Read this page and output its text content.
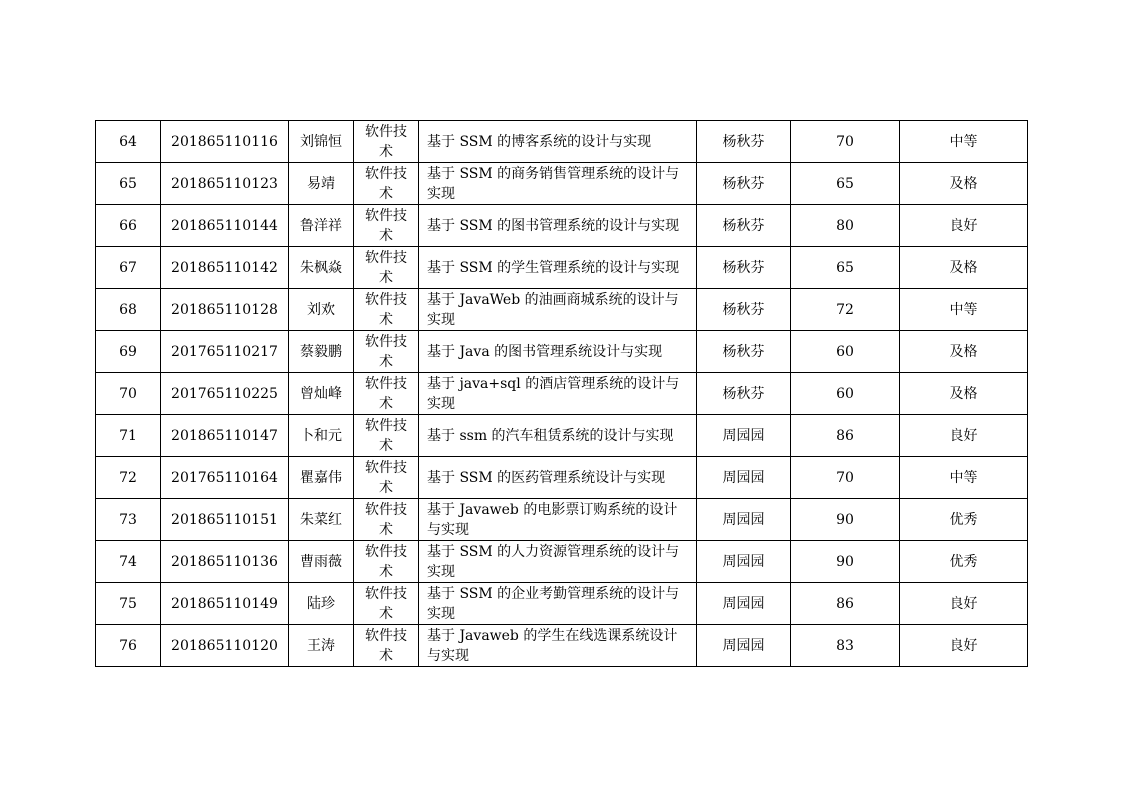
64	201865110116	刘锦恒	软件技术	基于 SSM 的博客系统的设计与实现	杨秋芬	70	中等
65	201865110123	易靖	软件技术	基于 SSM 的商务销售管理系统的设计与实现	杨秋芬	65	及格
66	201865110144	鲁洋祥	软件技术	基于 SSM 的图书管理系统的设计与实现	杨秋芬	80	良好
67	201865110142	朱枫焱	软件技术	基于 SSM 的学生管理系统的设计与实现	杨秋芬	65	及格
68	201865110128	刘欢	软件技术	基于 JavaWeb 的油画商城系统的设计与实现	杨秋芬	72	中等
69	201765110217	蔡毅鹏	软件技术	基于 Java 的图书管理系统设计与实现	杨秋芬	60	及格
70	201765110225	曾灿峰	软件技术	基于 java+sql 的酒店管理系统的设计与实现	杨秋芬	60	及格
71	201865110147	卜和元	软件技术	基于 ssm 的汽车租赁系统的设计与实现	周园园	86	良好
72	201765110164	瞿嘉伟	软件技术	基于 SSM 的医药管理系统设计与实现	周园园	70	中等
73	201865110151	朱菜红	软件技术	基于 Javaweb 的电影票订购系统的设计与实现	周园园	90	优秀
74	201865110136	曹雨薇	软件技术	基于 SSM 的人力资源管理系统的设计与实现	周园园	90	优秀
75	201865110149	陆珍	软件技术	基于 SSM 的企业考勤管理系统的设计与实现	周园园	86	良好
76	201865110120	王涛	软件技术	基于 Javaweb 的学生在线选课系统设计与实现	周园园	83	良好
